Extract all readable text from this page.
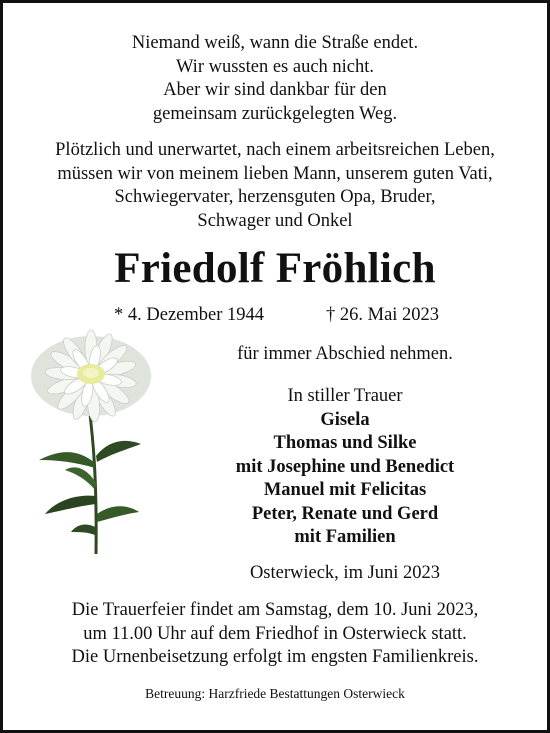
Niemand weiß, wann die Straße endet.
Wir wussten es auch nicht.
Aber wir sind dankbar für den
gemeinsam zurückgelegten Weg.
Plötzlich und unerwartet, nach einem arbeitsreichen Leben,
müssen wir von meinem lieben Mann, unserem guten Vati,
Schwiegervater, herzensguten Opa, Bruder,
Schwager und Onkel
Friedolf Fröhlich
* 4. Dezember 1944	† 26. Mai 2023
für immer Abschied nehmen.
In stiller Trauer
Gisela
Thomas und Silke
mit Josephine und Benedict
Manuel mit Felicitas
Peter, Renate und Gerd
mit Familien
Osterwieck, im Juni 2023
Die Trauerfeier findet am Samstag, dem 10. Juni 2023,
um 11.00 Uhr auf dem Friedhof in Osterwieck statt.
Die Urnenbeisetzung erfolgt im engsten Familienkreis.
Betreuung: Harzfriede Bestattungen Osterwieck
